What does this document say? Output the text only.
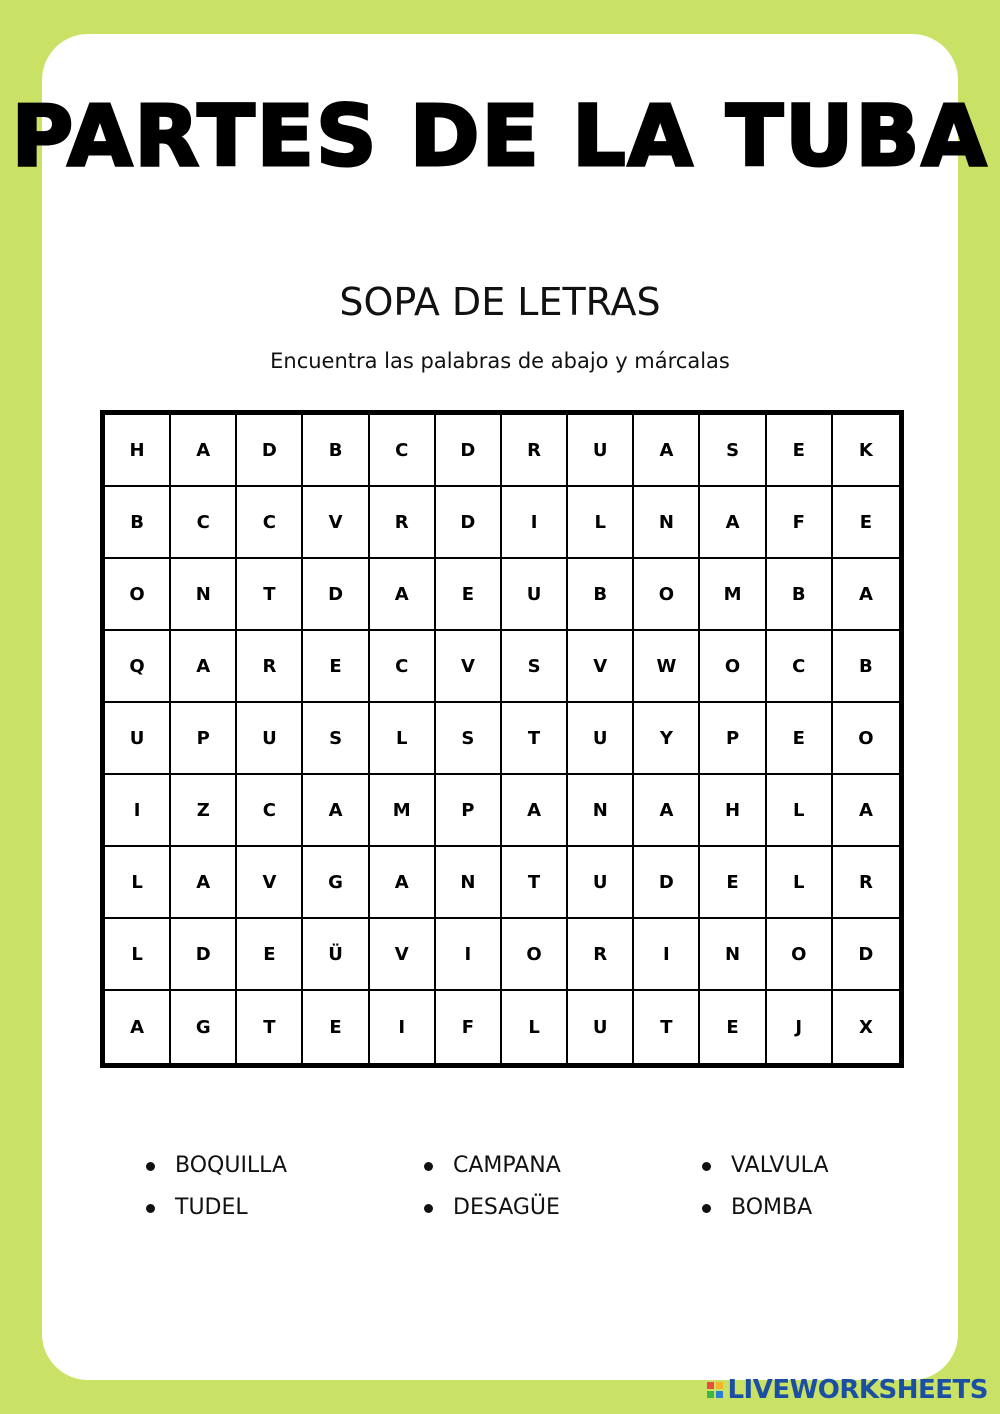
PARTES DE LA TUBA
SOPA DE LETRAS
Encuentra las palabras de abajo y márcalas
H	A	D	B	C	D	R	U	A	S	E	K
B	C	C	V	R	D	I	L	N	A	F	E
O	N	T	D	A	E	U	B	O	M	B	A
Q	A	R	E	C	V	S	V	W	O	C	B
U	P	U	S	L	S	T	U	Y	P	E	O
I	Z	C	A	M	P	A	N	A	H	L	A
L	A	V	G	A	N	T	U	D	E	L	R
L	D	E	Ü	V	I	O	R	I	N	O	D
A	G	T	E	I	F	L	U	T	E	J	X
BOQUILLA	CAMPANA	VALVULA
TUDEL	DESAGÜE	BOMBA
LIVEWORKSHEETS
